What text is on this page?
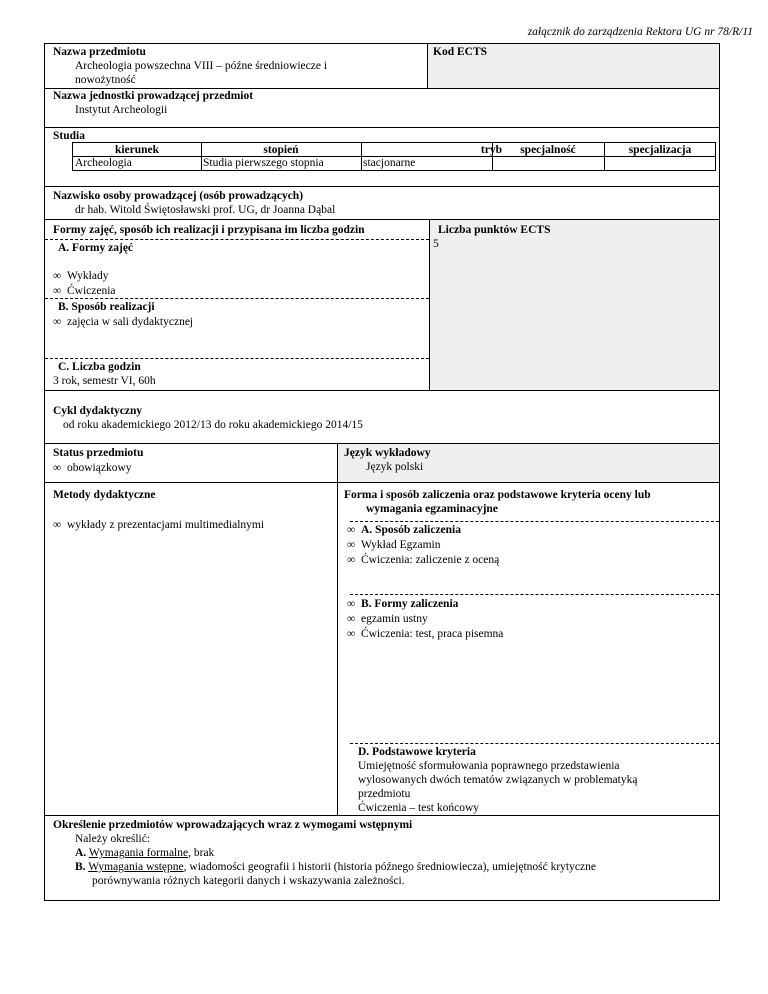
załącznik do zarządzenia Rektora UG nr 78/R/11
Nazwa przedmiotu
Archeologia powszechna VIII – późne średniowiecze i
nowożytność
Kod ECTS
Nazwa jednostki prowadzącej przedmiot
Instytut Archeologii
Studia
kierunek	stopień	tryb	specjalność	specjalizacja
Archeologia	Studia pierwszego stopnia	stacjonarne
Nazwisko osoby prowadzącej (osób prowadzących)
dr hab. Witold Świętosławski prof. UG, dr Joanna Dąbal
Formy zajęć, sposób ich realizacji i przypisana im liczba godzin
A. Formy zajęć
∞ Wykłady
∞ Ćwiczenia
B. Sposób realizacji
∞ zajęcia w sali dydaktycznej
C. Liczba godzin
3 rok, semestr VI, 60h
Liczba punktów ECTS
5
Cykl dydaktyczny
od roku akademickiego 2012/13 do roku akademickiego 2014/15
Status przedmiotu
∞ obowiązkowy
Język wykładowy
Język polski
Metody dydaktyczne
∞ wykłady z prezentacjami multimedialnymi
Forma i sposób zaliczenia oraz podstawowe kryteria oceny lub
wymagania egzaminacyjne
∞ A. Sposób zaliczenia
∞ Wykład Egzamin
∞ Ćwiczenia: zaliczenie z oceną
∞ B. Formy zaliczenia
∞ egzamin ustny
∞ Ćwiczenia: test, praca pisemna
D. Podstawowe kryteria
Umiejętność sformułowania poprawnego przedstawienia
wylosowanych dwóch tematów związanych w problematyką
przedmiotu
Ćwiczenia – test końcowy
Określenie przedmiotów wprowadzających wraz z wymogami wstępnymi
Należy określić:
A. Wymagania formalne, brak
B. Wymagania wstępne, wiadomości geografii i historii (historia późnego średniowiecza), umiejętność krytyczne
porównywania różnych kategorii danych i wskazywania zależności.
